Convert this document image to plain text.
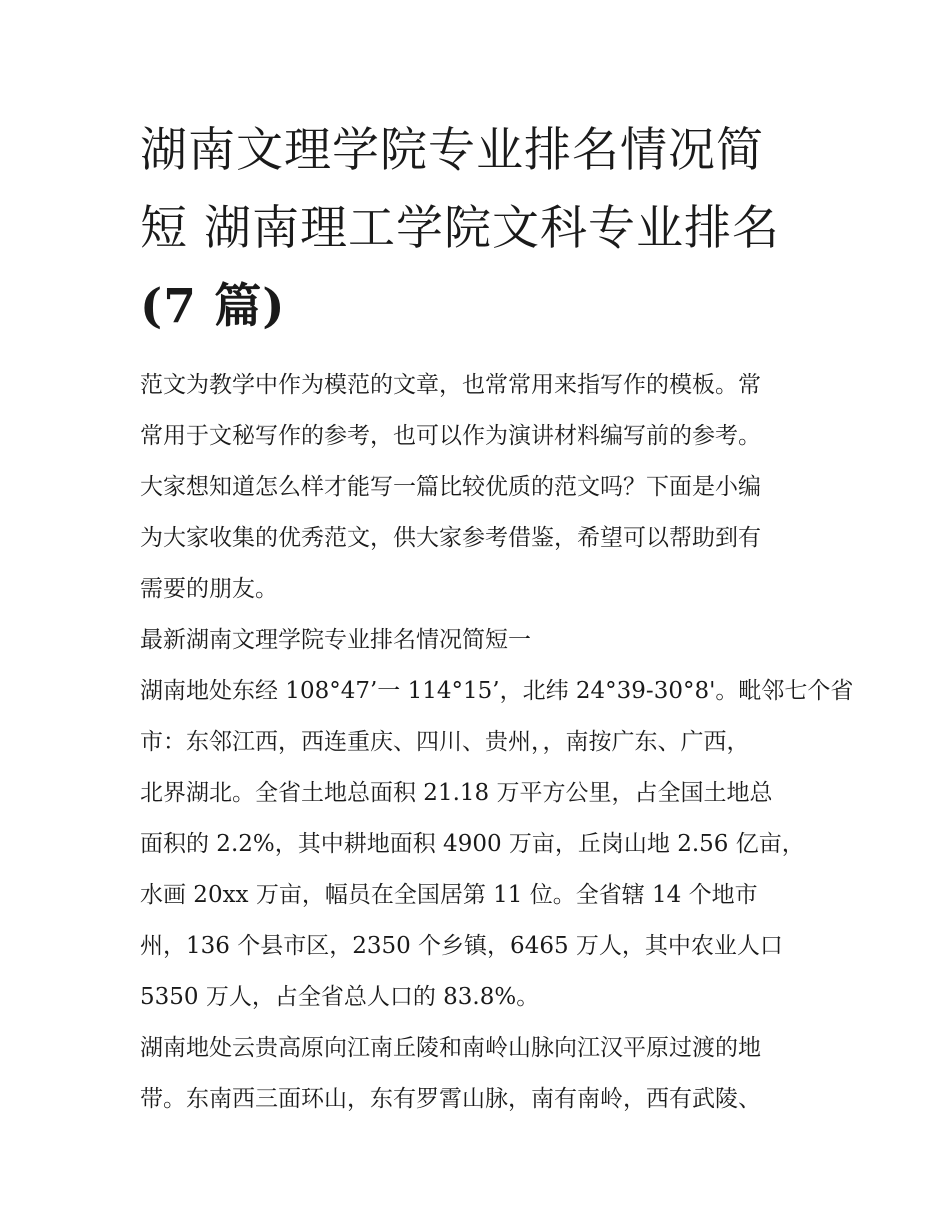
湖南文理学院专业排名情况简
短 湖南理工学院文科专业排名
(7 篇)

范文为教学中作为模范的文章，也常常用来指写作的模板。常
常用于文秘写作的参考，也可以作为演讲材料编写前的参考。
大家想知道怎么样才能写一篇比较优质的范文吗？下面是小编
为大家收集的优秀范文，供大家参考借鉴，希望可以帮助到有
需要的朋友。

最新湖南文理学院专业排名情况简短一

湖南地处东经 108°47’一 114°15’，北纬 24°39-30°8'。毗邻七个省
市：东邻江西，西连重庆、四川、贵州，，南按广东、广西，
北界湖北。全省土地总面积 21.18 万平方公里，占全国土地总
面积的 2.2%，其中耕地面积 4900 万亩，丘岗山地 2.56 亿亩，
水画 20xx 万亩，幅员在全国居第 11 位。全省辖 14 个地市
州，136 个县市区，2350 个乡镇，6465 万人，其中农业人口
5350 万人，占全省总人口的 83.8%。

湖南地处云贵高原向江南丘陵和南岭山脉向江汉平原过渡的地
带。东南西三面环山，东有罗霄山脉，南有南岭，西有武陵、
